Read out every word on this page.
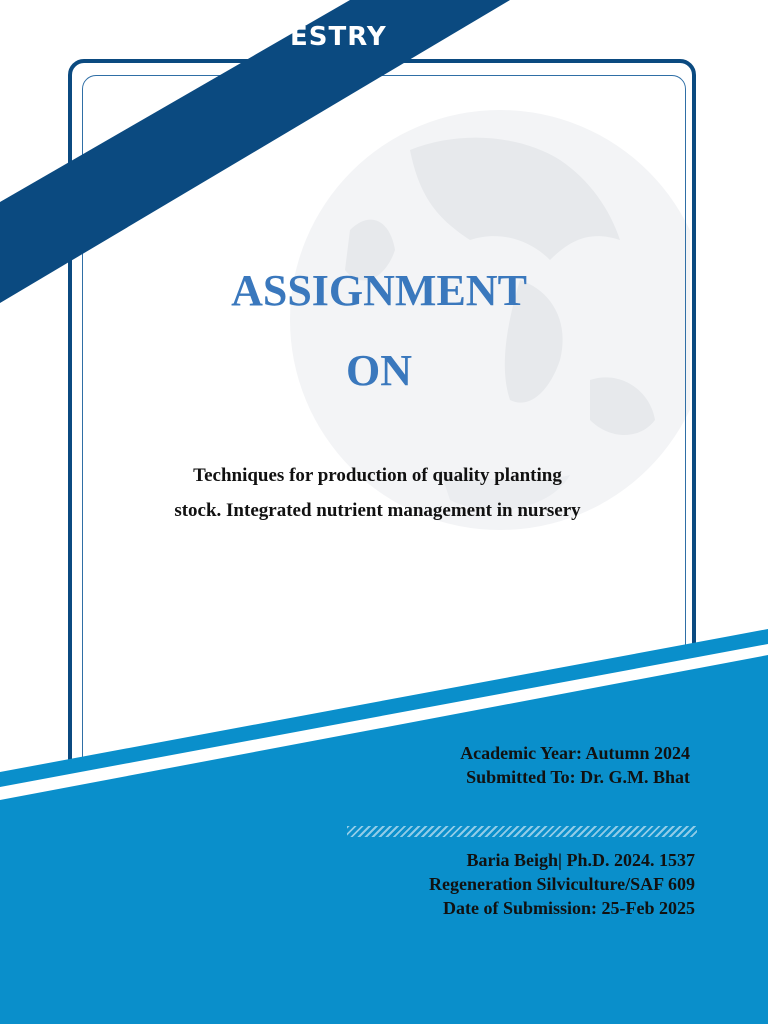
ESTRY
ASSIGNMENT
ON
Techniques for production of quality planting
stock. Integrated nutrient management in nursery
Academic Year: Autumn 2024
Submitted To: Dr. G.M. Bhat
Baria Beigh| Ph.D. 2024. 1537
Regeneration Silviculture/SAF 609
Date of Submission: 25-Feb 2025
